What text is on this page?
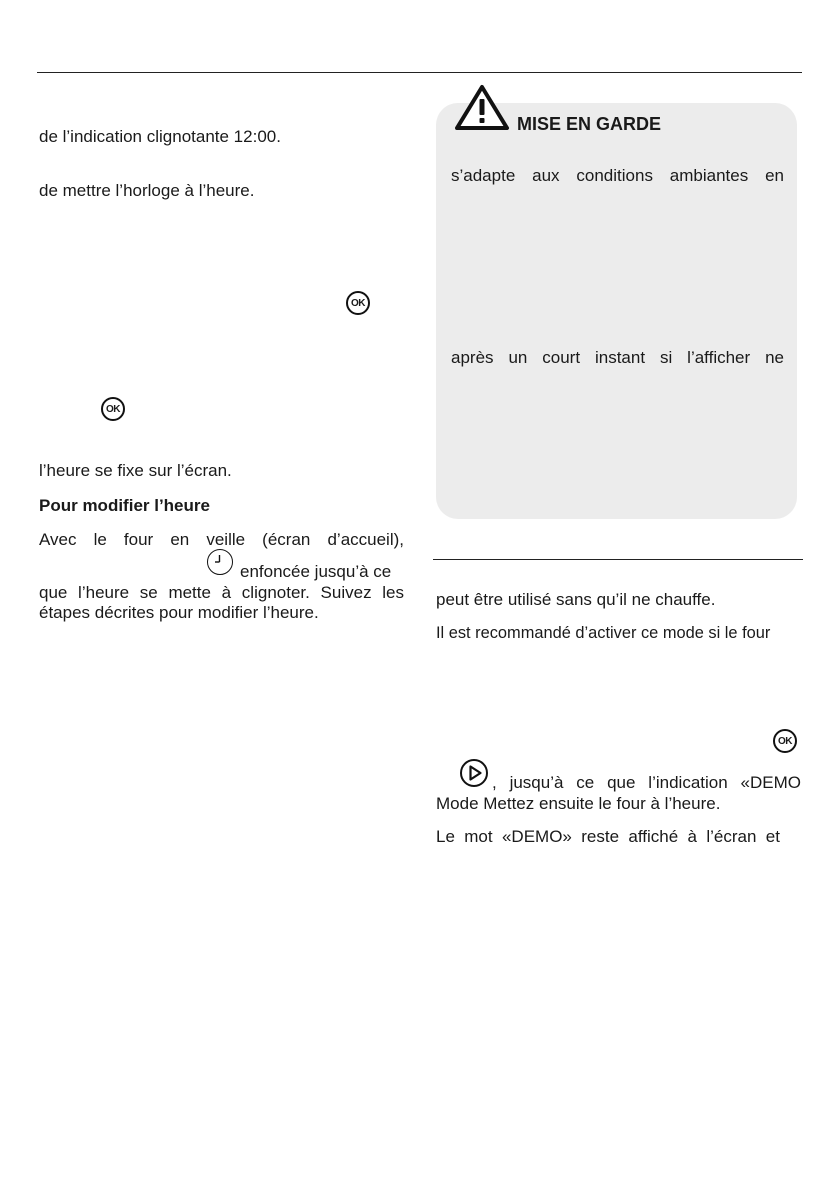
de l’indication clignotante 12:00.
de mettre l’horloge à l’heure.
OK
OK
l’heure se fixe sur l’écran.
Pour modifier l’heure
Avec le four en veille (écran d’accueil),
enfoncée jusqu’à ce
que l’heure se mette à clignoter. Suivez les
étapes décrites pour modifier l’heure.
MISE EN GARDE
s’adapte aux conditions ambiantes en
après un court instant si l’afficher ne
peut être utilisé sans qu’il ne chauffe.
Il est recommandé d’activer ce mode si le four
OK
, jusqu’à ce que l’indication «DEMO
Mode Mettez ensuite le four à l’heure.
Le mot «DEMO» reste affiché à l’écran et
